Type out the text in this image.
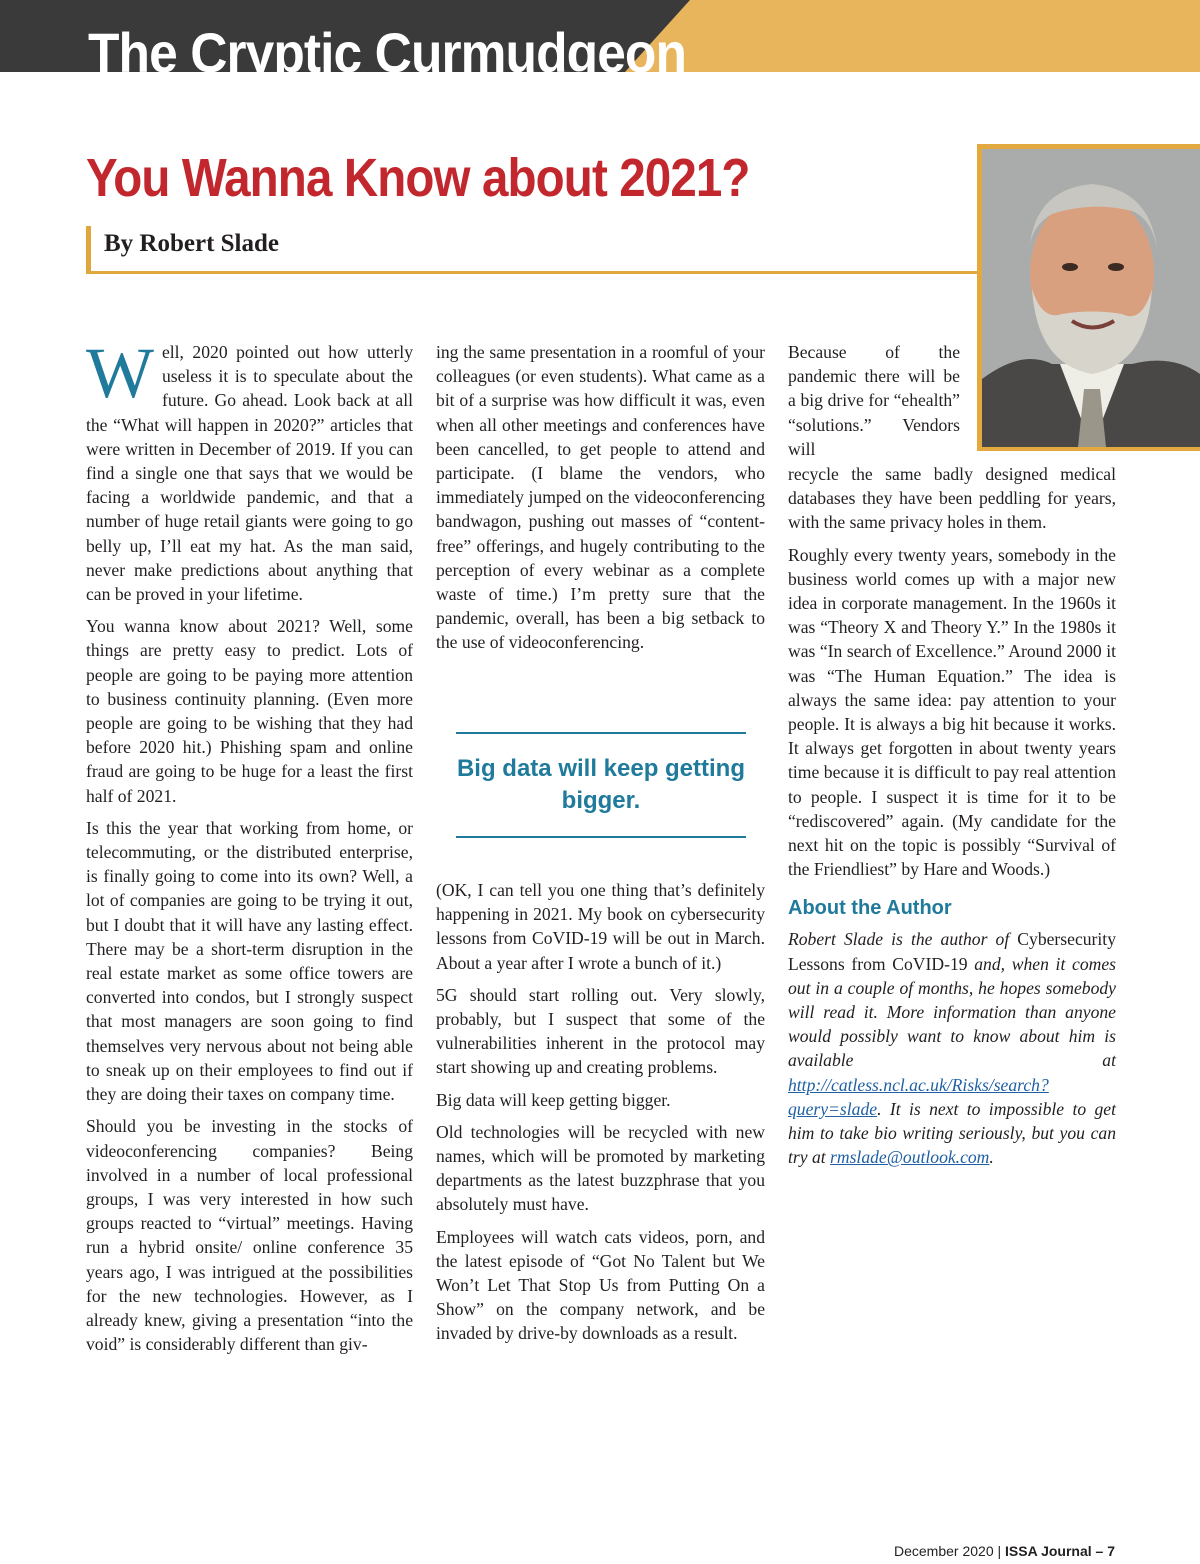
The Cryptic Curmudgeon
You Wanna Know about 2021?

By Robert Slade

Well, 2020 pointed out how utterly useless it is to speculate about the future. Go ahead. Look back at all the “What will happen in 2020?” articles that were written in December of 2019. If you can find a single one that says that we would be facing a worldwide pandemic, and that a number of huge retail giants were going to go belly up, I’ll eat my hat. As the man said, never make predictions about anything that can be proved in your lifetime.

You wanna know about 2021? Well, some things are pretty easy to predict. Lots of people are going to be paying more attention to business continuity planning. (Even more people are going to be wishing that they had before 2020 hit.) Phishing spam and online fraud are going to be huge for a least the first half of 2021.

Is this the year that working from home, or telecommuting, or the distributed enterprise, is finally going to come into its own? Well, a lot of companies are going to be trying it out, but I doubt that it will have any lasting effect. There may be a short-term disruption in the real estate market as some office towers are converted into condos, but I strongly suspect that most managers are soon going to find themselves very nervous about not being able to sneak up on their employees to find out if they are doing their taxes on company time.

Should you be investing in the stocks of videoconferencing companies? Being involved in a number of local professional groups, I was very interested in how such groups reacted to “virtual” meetings. Having run a hybrid onsite/ online conference 35 years ago, I was intrigued at the possibilities for the new technologies. However, as I already knew, giving a presentation “into the void” is considerably different than giv-

ing the same presentation in a roomful of your colleagues (or even students). What came as a bit of a surprise was how difficult it was, even when all other meetings and conferences have been cancelled, to get people to attend and participate. (I blame the vendors, who immediately jumped on the videoconferencing bandwagon, pushing out masses of “content-free” offerings, and hugely contributing to the perception of every webinar as a complete waste of time.) I’m pretty sure that the pandemic, overall, has been a big setback to the use of videoconferencing.

Big data will keep getting bigger.

(OK, I can tell you one thing that’s definitely happening in 2021. My book on cybersecurity lessons from CoVID-19 will be out in March. About a year after I wrote a bunch of it.)

5G should start rolling out. Very slowly, probably, but I suspect that some of the vulnerabilities inherent in the protocol may start showing up and creating problems.

Big data will keep getting bigger.

Old technologies will be recycled with new names, which will be promoted by marketing departments as the latest buzzphrase that you absolutely must have.

Employees will watch cats videos, porn, and the latest episode of “Got No Talent but We Won’t Let That Stop Us from Putting On a Show” on the company network, and be invaded by drive-by downloads as a result.

Because of the pandemic there will be a big drive for “ehealth” “solutions.” Vendors will

recycle the same badly designed medical databases they have been peddling for years, with the same privacy holes in them.

Roughly every twenty years, somebody in the business world comes up with a major new idea in corporate management. In the 1960s it was “Theory X and Theory Y.” In the 1980s it was “In search of Excellence.” Around 2000 it was “The Human Equation.” The idea is always the same idea: pay attention to your people. It is always a big hit because it works. It always get forgotten in about twenty years time because it is difficult to pay real attention to people. I suspect it is time for it to be “rediscovered” again. (My candidate for the next hit on the topic is possibly “Survival of the Friendliest” by Hare and Woods.)

About the Author

Robert Slade is the author of Cybersecurity Lessons from CoVID-19 and, when it comes out in a couple of months, he hopes somebody will read it. More information than anyone would possibly want to know about him is available at http://catless.ncl.ac.uk/Risks/search?query=slade. It is next to impossible to get him to take bio writing seriously, but you can try at rmslade@outlook.com.

December 2020 | ISSA Journal – 7
